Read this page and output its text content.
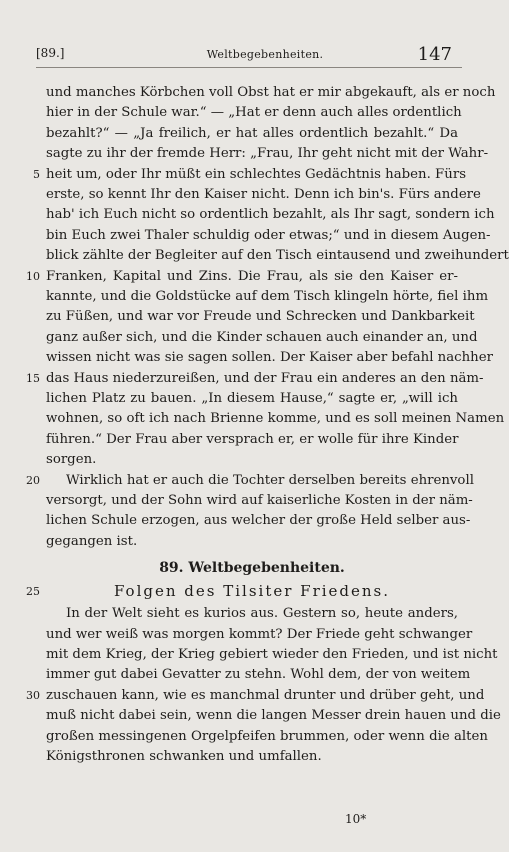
[89.]	Weltbegebenheiten.	147
und manches Körbchen voll Obst hat er mir abgekauft, als er noch
hier in der Schule war.“ — „Hat er denn auch alles ordentlich
bezahlt?“ — „Ja freilich, er hat alles ordentlich bezahlt.“ Da
sagte zu ihr der fremde Herr: „Frau, Ihr geht nicht mit der Wahr-
5 heit um, oder Ihr müßt ein schlechtes Gedächtnis haben. Fürs
erste, so kennt Ihr den Kaiser nicht. Denn ich bin's. Fürs andere
hab' ich Euch nicht so ordentlich bezahlt, als Ihr sagt, sondern ich
bin Euch zwei Thaler schuldig oder etwas;“ und in diesem Augen-
blick zählte der Begleiter auf den Tisch eintausend und zweihundert
10 Franken, Kapital und Zins. Die Frau, als sie den Kaiser er-
kannte, und die Goldstücke auf dem Tisch klingeln hörte, fiel ihm
zu Füßen, und war vor Freude und Schrecken und Dankbarkeit
ganz außer sich, und die Kinder schauen auch einander an, und
wissen nicht was sie sagen sollen. Der Kaiser aber befahl nachher
15 das Haus niederzureißen, und der Frau ein anderes an den näm-
lichen Platz zu bauen. „In diesem Hause,“ sagte er, „will ich
wohnen, so oft ich nach Brienne komme, und es soll meinen Namen
führen.“ Der Frau aber versprach er, er wolle für ihre Kinder
sorgen.
20	Wirklich hat er auch die Tochter derselben bereits ehrenvoll
versorgt, und der Sohn wird auf kaiserliche Kosten in der näm-
lichen Schule erzogen, aus welcher der große Held selber aus-
gegangen ist.
89. Weltbegebenheiten.
25	Folgen des Tilsiter Friedens.
In der Welt sieht es kurios aus. Gestern so, heute anders,
und wer weiß was morgen kommt? Der Friede geht schwanger
mit dem Krieg, der Krieg gebiert wieder den Frieden, und ist nicht
immer gut dabei Gevatter zu stehn. Wohl dem, der von weitem
30 zuschauen kann, wie es manchmal drunter und drüber geht, und
muß nicht dabei sein, wenn die langen Messer drein hauen und die
großen messingenen Orgelpfeifen brummen, oder wenn die alten
Königsthronen schwanken und umfallen.
10*
